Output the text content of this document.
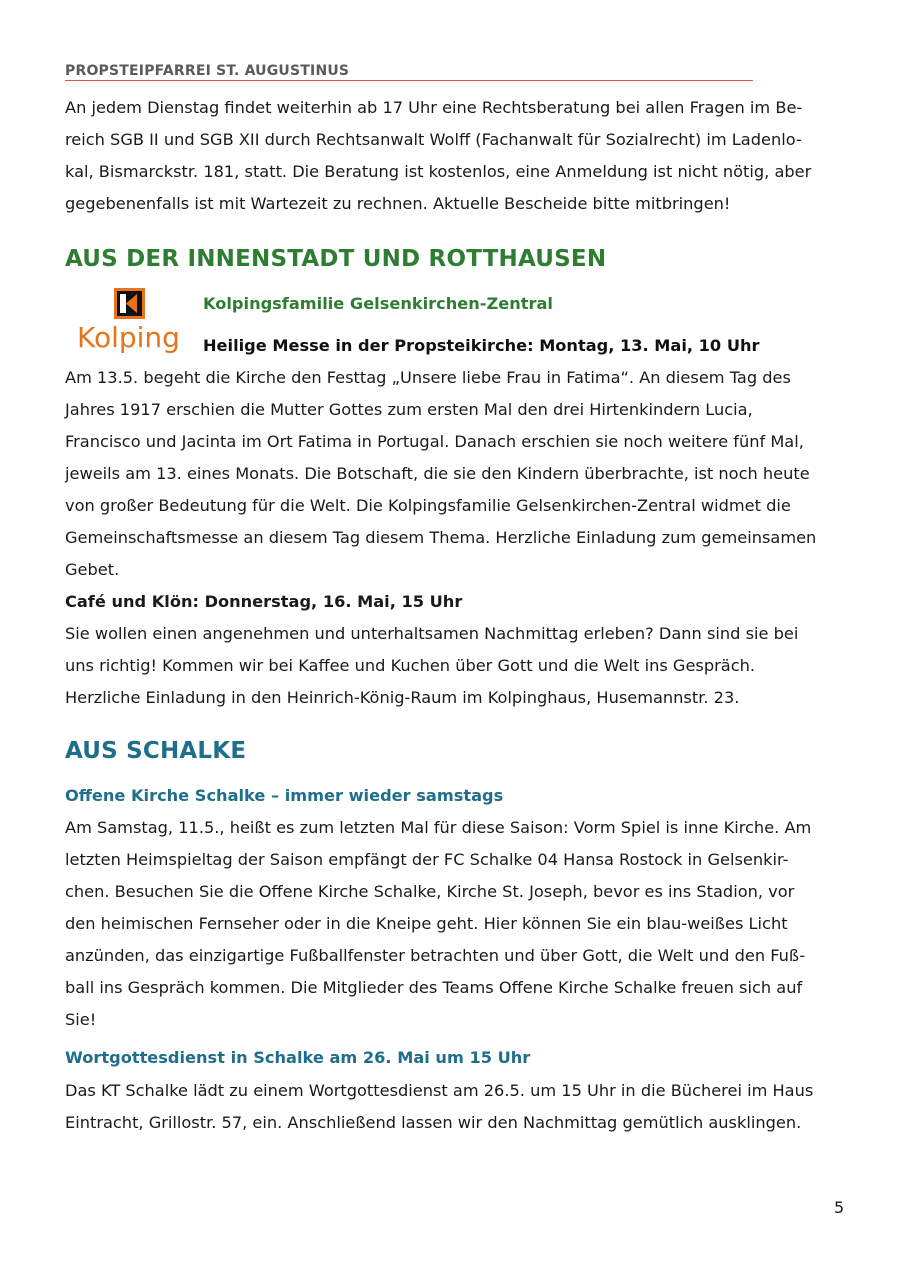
PROPSTEIPFARREI ST. AUGUSTINUS
An jedem Dienstag findet weiterhin ab 17 Uhr eine Rechtsberatung bei allen Fragen im Be-
reich SGB II und SGB XII durch Rechtsanwalt Wolff (Fachanwalt für Sozialrecht) im Ladenlo-
kal, Bismarckstr. 181, statt. Die Beratung ist kostenlos, eine Anmeldung ist nicht nötig, aber
gegebenenfalls ist mit Wartezeit zu rechnen. Aktuelle Bescheide bitte mitbringen!
AUS DER INNENSTADT UND ROTTHAUSEN
Kolping
Kolpingsfamilie Gelsenkirchen-Zentral
Heilige Messe in der Propsteikirche: Montag, 13. Mai, 10 Uhr
Am 13.5. begeht die Kirche den Festtag „Unsere liebe Frau in Fatima“. An diesem Tag des
Jahres 1917 erschien die Mutter Gottes zum ersten Mal den drei Hirtenkindern Lucia,
Francisco und Jacinta im Ort Fatima in Portugal. Danach erschien sie noch weitere fünf Mal,
jeweils am 13. eines Monats. Die Botschaft, die sie den Kindern überbrachte, ist noch heute
von großer Bedeutung für die Welt. Die Kolpingsfamilie Gelsenkirchen-Zentral widmet die
Gemeinschaftsmesse an diesem Tag diesem Thema. Herzliche Einladung zum gemeinsamen
Gebet.
Café und Klön: Donnerstag, 16. Mai, 15 Uhr
Sie wollen einen angenehmen und unterhaltsamen Nachmittag erleben? Dann sind sie bei
uns richtig! Kommen wir bei Kaffee und Kuchen über Gott und die Welt ins Gespräch.
Herzliche Einladung in den Heinrich-König-Raum im Kolpinghaus, Husemannstr. 23.
AUS SCHALKE
Offene Kirche Schalke – immer wieder samstags
Am Samstag, 11.5., heißt es zum letzten Mal für diese Saison: Vorm Spiel is inne Kirche. Am
letzten Heimspieltag der Saison empfängt der FC Schalke 04 Hansa Rostock in Gelsenkir-
chen. Besuchen Sie die Offene Kirche Schalke, Kirche St. Joseph, bevor es ins Stadion, vor
den heimischen Fernseher oder in die Kneipe geht. Hier können Sie ein blau-weißes Licht
anzünden, das einzigartige Fußballfenster betrachten und über Gott, die Welt und den Fuß-
ball ins Gespräch kommen. Die Mitglieder des Teams Offene Kirche Schalke freuen sich auf
Sie!
Wortgottesdienst in Schalke am 26. Mai um 15 Uhr
Das KT Schalke lädt zu einem Wortgottesdienst am 26.5. um 15 Uhr in die Bücherei im Haus
Eintracht, Grillostr. 57, ein. Anschließend lassen wir den Nachmittag gemütlich ausklingen.
5
